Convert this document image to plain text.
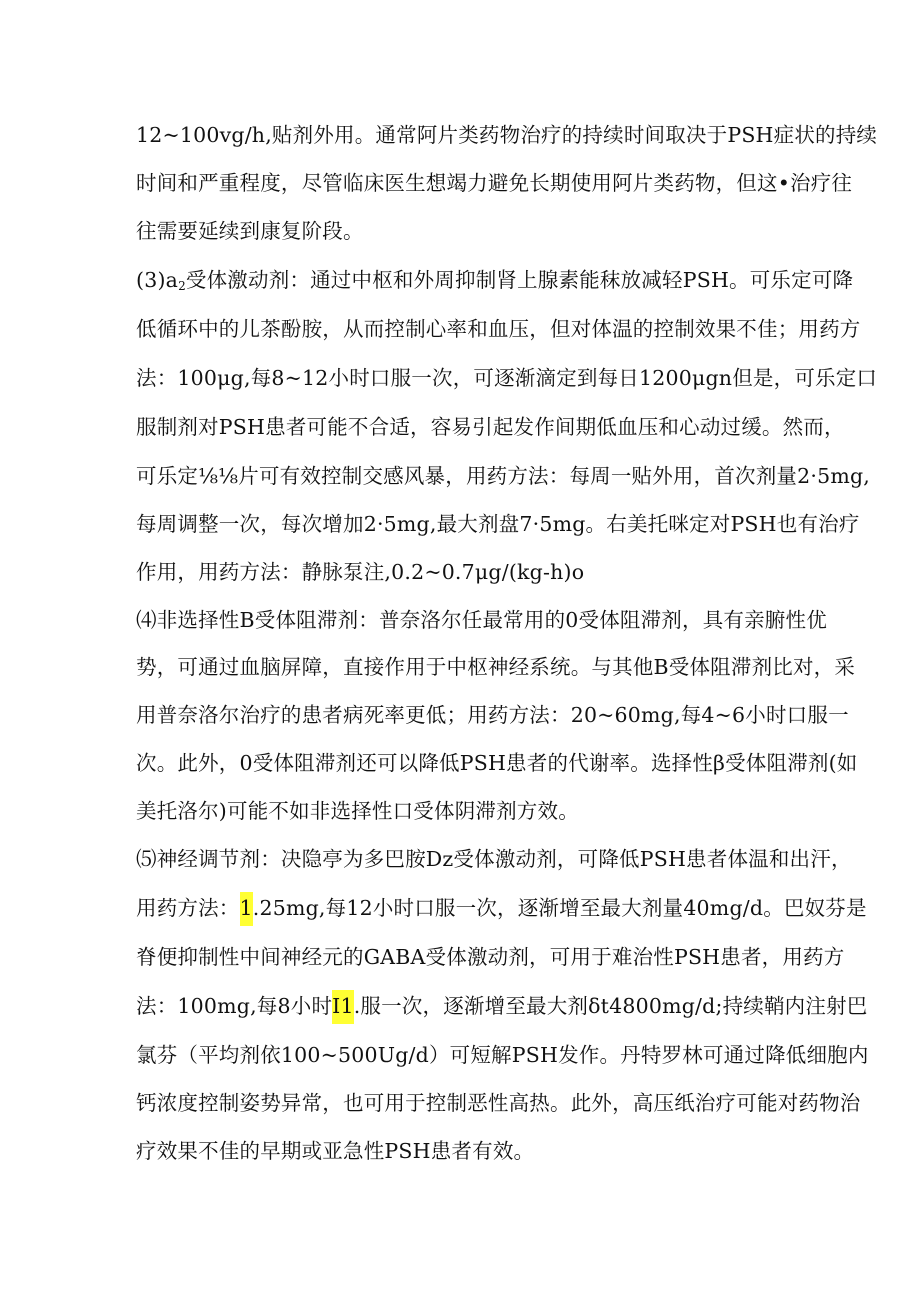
12~100vg/h,贴剂外用。通常阿片类药物治疗的持续时间取决于PSH症状的持续
时间和严重程度，尽管临床医生想竭力避免长期使用阿片类药物，但这•治疗往
往需要延续到康复阶段。
$(3)a_2$受体激动剂：通过中枢和外周抑制肾上腺素能秣放减轻PSH。可乐定可降
低循环中的儿茶酚胺，从而控制心率和血压，但对体温的控制效果不佳；用药方
法：100μg,每8~12小时口服一次，可逐渐滴定到每日1200μgn但是，可乐定口
服制剂对PSH患者可能不合适，容易引起发作间期低血压和心动过缓。然而，
可乐定⅛⅛片可有效控制交感风暴，用药方法：每周一贴外用，首次剂量2·5mg,
每周调整一次，每次增加2·5mg,最大剂盘7·5mg。右美托咪定对PSH也有治疗
作用，用药方法：静脉泵注,0.2~0.7μg/(kg-h)o
⑷非选择性B受体阻滞剂：普奈洛尔任最常用的0受体阻滞剂，具有亲腑性优
势，可通过血脑屏障，直接作用于中枢神经系统。与其他B受体阻滞剂比对，采
用普奈洛尔治疗的患者病死率更低；用药方法：20~60mg,每4~6小时口服一
次。此外，0受体阻滞剂还可以降低PSH患者的代谢率。选择性β受体阻滞剂(如
美托洛尔)可能不如非选择性口受体阴滞剂方效。
⑸神经调节剂：决隐亭为多巴胺Dz受体激动剂，可降低PSH患者体温和出汗，
用药方法：1.25mg,每12小时口服一次，逐渐增至最大剂量40mg/d。巴奴芬是
脊便抑制性中间神经元的GABA受体激动剂，可用于难治性PSH患者，用药方
法：100mg,每8小时I1.服一次，逐渐增至最大剂δt4800mg/d;持续鞘内注射巴
氯芬（平均剂依100~500Ug/d）可短解PSH发作。丹特罗林可通过降低细胞内
钙浓度控制姿势异常，也可用于控制恶性高热。此外，高压纸治疗可能对药物治
疗效果不佳的早期或亚急性PSH患者有效。
